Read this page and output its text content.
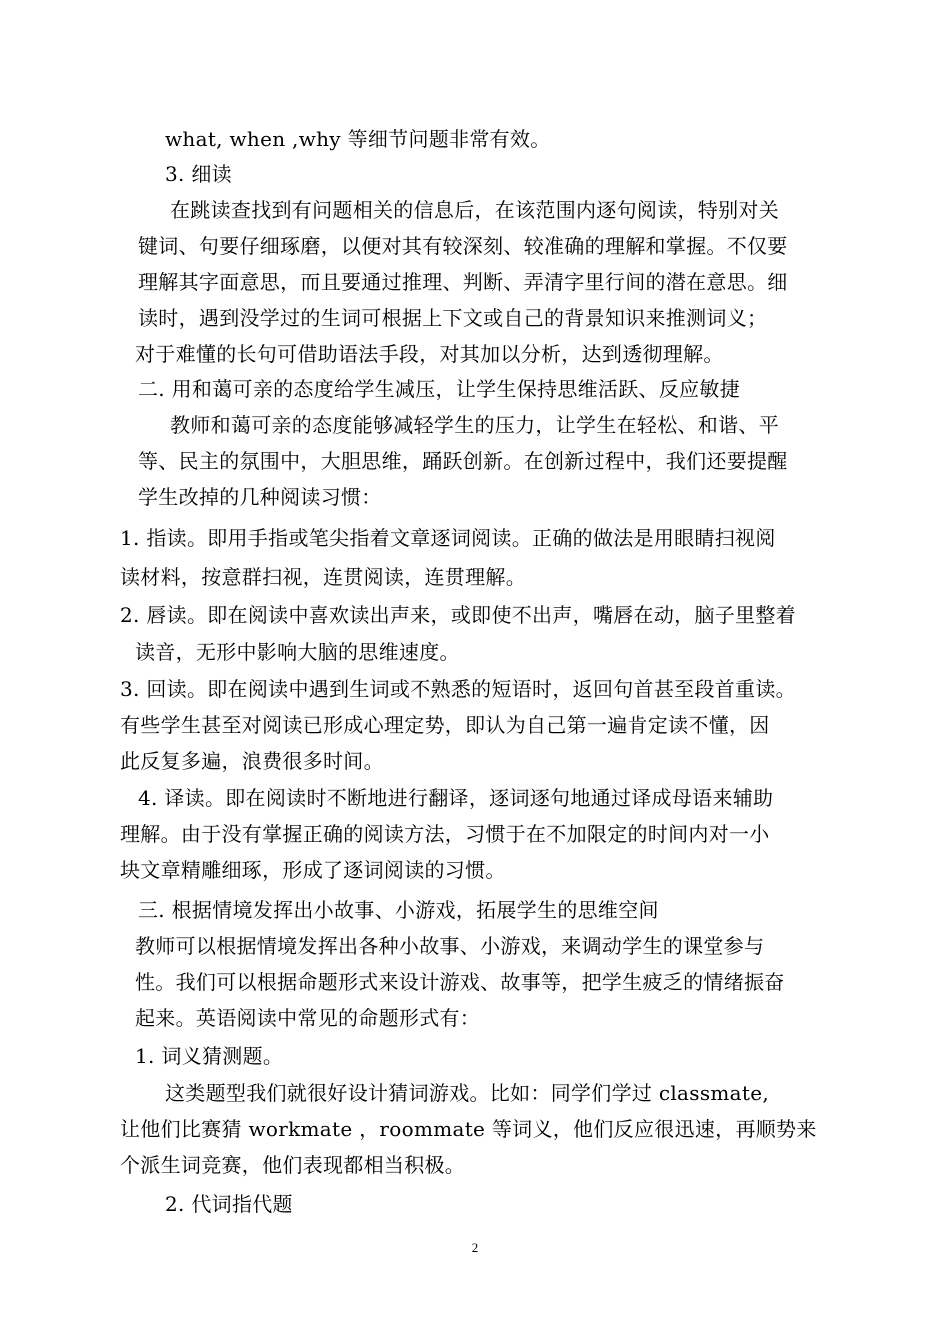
what, when ,why 等细节问题非常有效。
3. 细读
在跳读查找到有问题相关的信息后，在该范围内逐句阅读，特别对关
键词、句要仔细琢磨，以便对其有较深刻、较准确的理解和掌握。不仅要
理解其字面意思，而且要通过推理、判断、弄清字里行间的潜在意思。细
读时，遇到没学过的生词可根据上下文或自己的背景知识来推测词义；
对于难懂的长句可借助语法手段，对其加以分析，达到透彻理解。
二. 用和蔼可亲的态度给学生减压，让学生保持思维活跃、反应敏捷
教师和蔼可亲的态度能够减轻学生的压力，让学生在轻松、和谐、平
等、民主的氛围中，大胆思维，踊跃创新。在创新过程中，我们还要提醒
学生改掉的几种阅读习惯：
1. 指读。即用手指或笔尖指着文章逐词阅读。正确的做法是用眼睛扫视阅
读材料，按意群扫视，连贯阅读，连贯理解。
2. 唇读。即在阅读中喜欢读出声来，或即使不出声，嘴唇在动，脑子里整着
读音，无形中影响大脑的思维速度。
3. 回读。即在阅读中遇到生词或不熟悉的短语时，返回句首甚至段首重读。
有些学生甚至对阅读已形成心理定势，即认为自己第一遍肯定读不懂，因
此反复多遍，浪费很多时间。
4. 译读。即在阅读时不断地进行翻译，逐词逐句地通过译成母语来辅助
理解。由于没有掌握正确的阅读方法，习惯于在不加限定的时间内对一小
块文章精雕细琢，形成了逐词阅读的习惯。
三. 根据情境发挥出小故事、小游戏，拓展学生的思维空间
教师可以根据情境发挥出各种小故事、小游戏，来调动学生的课堂参与
性。我们可以根据命题形式来设计游戏、故事等，把学生疲乏的情绪振奋
起来。英语阅读中常见的命题形式有：
1. 词义猜测题。
这类题型我们就很好设计猜词游戏。比如：同学们学过 classmate,
让他们比赛猜 workmate ，roommate 等词义，他们反应很迅速，再顺势来
个派生词竞赛，他们表现都相当积极。
2. 代词指代题
2
